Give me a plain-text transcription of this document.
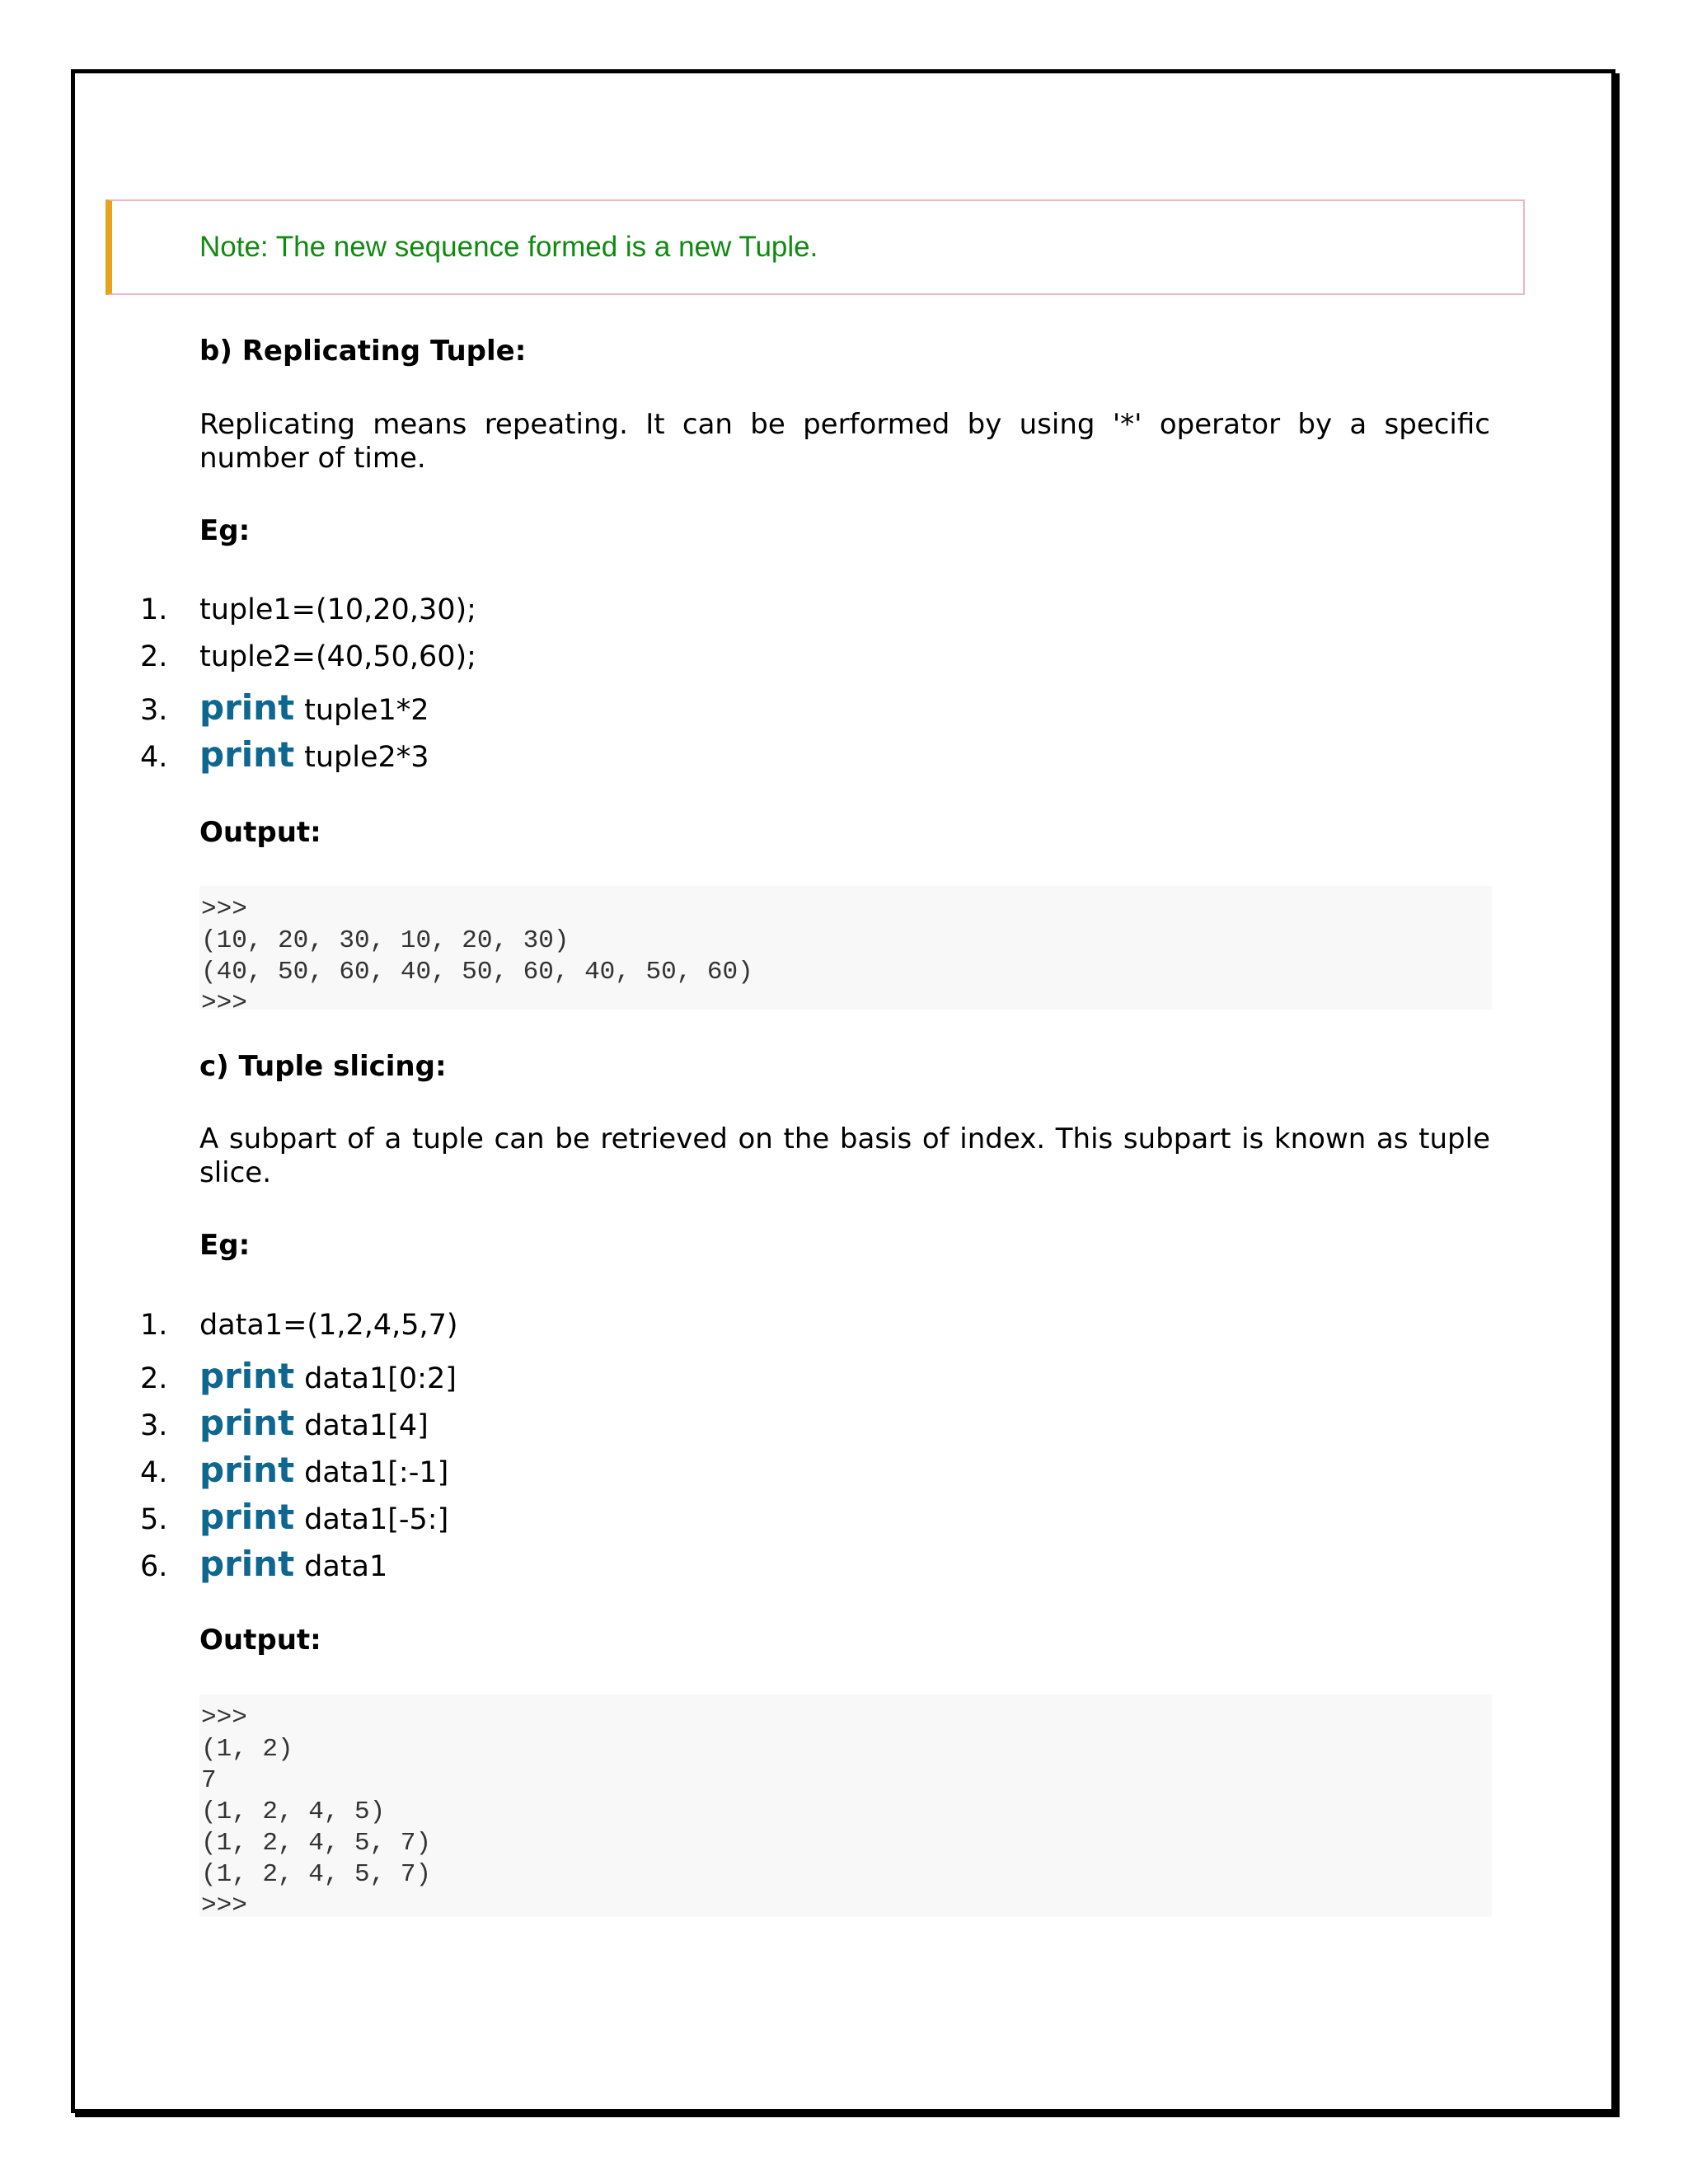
Note: The new sequence formed is a new Tuple.
b) Replicating Tuple:
Replicating means repeating. It can be performed by using '*' operator by a specific number of time.
Eg:
1.	tuple1=(10,20,30);
2.	tuple2=(40,50,60);
3. print tuple1*2
4. print tuple2*3
Output:
>>>
(10, 20, 30, 10, 20, 30)
(40, 50, 60, 40, 50, 60, 40, 50, 60)
>>>
c) Tuple slicing:
A subpart of a tuple can be retrieved on the basis of index. This subpart is known as tuple slice.
Eg:
1.	data1=(1,2,4,5,7)
2. print data1[0:2]
3. print data1[4]
4. print data1[:-1]
5. print data1[-5:]
6. print data1
Output:
>>>
(1, 2)
7
(1, 2, 4, 5)
(1, 2, 4, 5, 7)
(1, 2, 4, 5, 7)
>>>
